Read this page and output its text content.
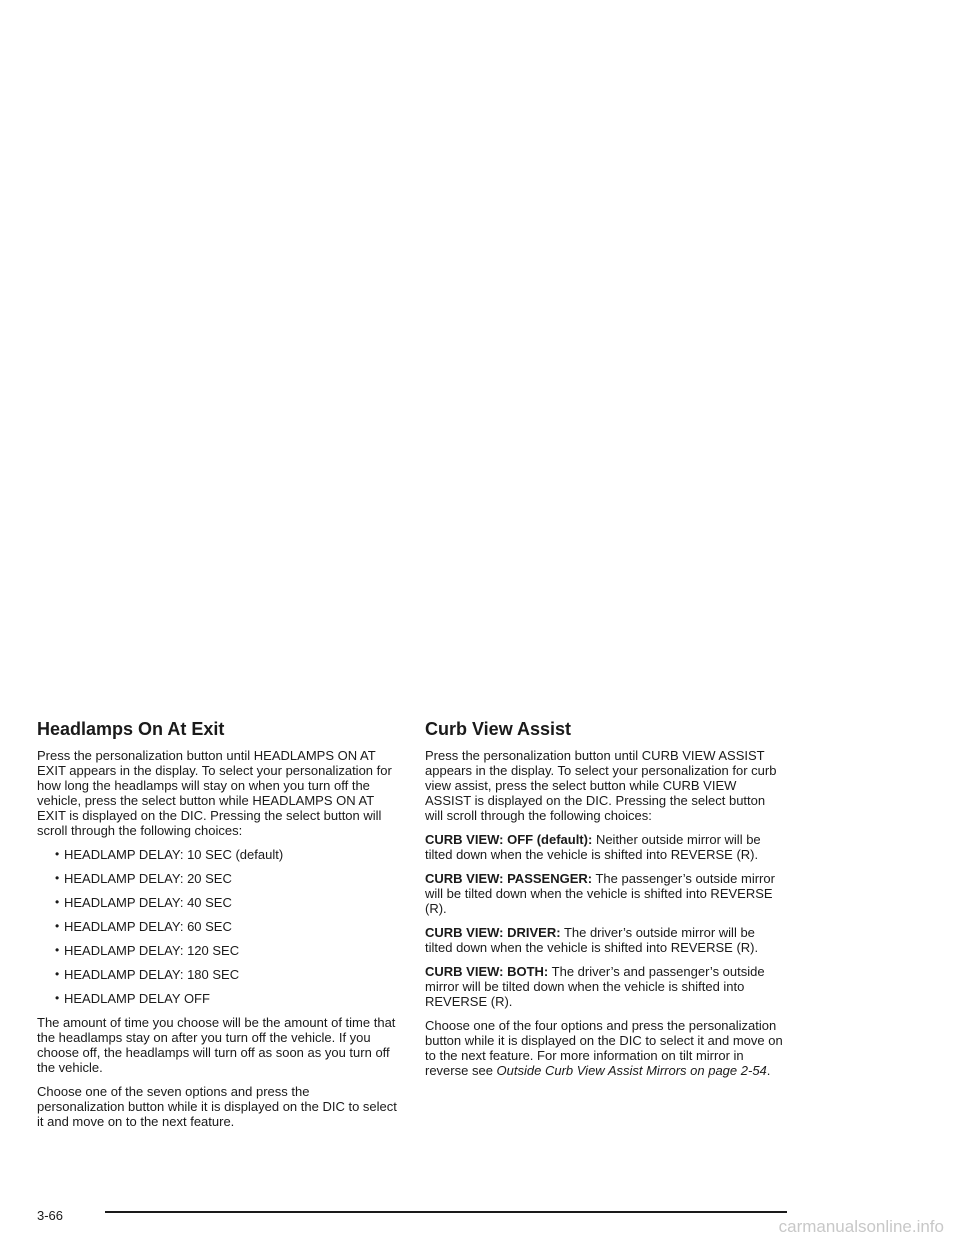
Headlamps On At Exit

Press the personalization button until HEADLAMPS ON AT EXIT appears in the display. To select your personalization for how long the headlamps will stay on when you turn off the vehicle, press the select button while HEADLAMPS ON AT EXIT is displayed on the DIC. Pressing the select button will scroll through the following choices:

• HEADLAMP DELAY: 10 SEC (default)
• HEADLAMP DELAY: 20 SEC
• HEADLAMP DELAY: 40 SEC
• HEADLAMP DELAY: 60 SEC
• HEADLAMP DELAY: 120 SEC
• HEADLAMP DELAY: 180 SEC
• HEADLAMP DELAY OFF

The amount of time you choose will be the amount of time that the headlamps stay on after you turn off the vehicle. If you choose off, the headlamps will turn off as soon as you turn off the vehicle.

Choose one of the seven options and press the personalization button while it is displayed on the DIC to select it and move on to the next feature.

Curb View Assist

Press the personalization button until CURB VIEW ASSIST appears in the display. To select your personalization for curb view assist, press the select button while CURB VIEW ASSIST is displayed on the DIC. Pressing the select button will scroll through the following choices:

CURB VIEW: OFF (default): Neither outside mirror will be tilted down when the vehicle is shifted into REVERSE (R).

CURB VIEW: PASSENGER: The passenger’s outside mirror will be tilted down when the vehicle is shifted into REVERSE (R).

CURB VIEW: DRIVER: The driver’s outside mirror will be tilted down when the vehicle is shifted into REVERSE (R).

CURB VIEW: BOTH: The driver’s and passenger’s outside mirror will be tilted down when the vehicle is shifted into REVERSE (R).

Choose one of the four options and press the personalization button while it is displayed on the DIC to select it and move on to the next feature. For more information on tilt mirror in reverse see Outside Curb View Assist Mirrors on page 2-54.

3-66
carmanualsonline.info
